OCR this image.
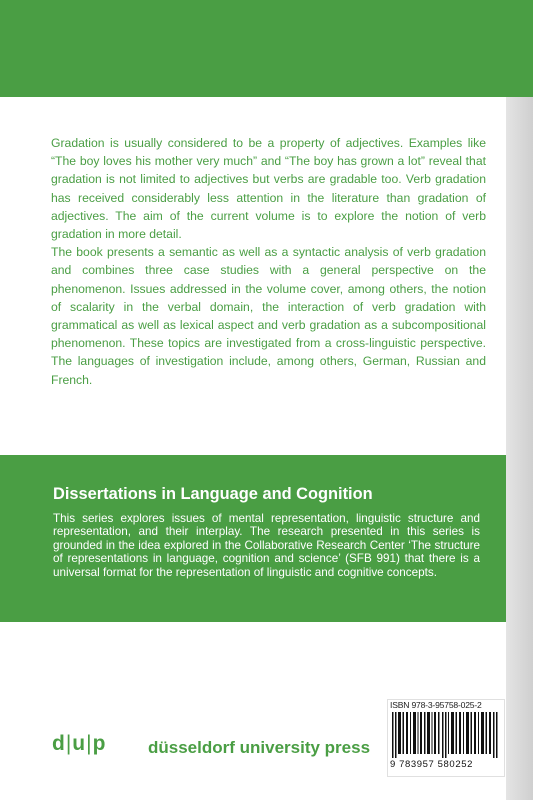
Gradation is usually considered to be a property of adjectives. Examples like “The boy loves his mother very much” and “The boy has grown a lot” reveal that gradation is not limited to adjectives but verbs are gradable too. Verb gradation has received considerably less attention in the literature than gradation of adjectives. The aim of the current volume is to explore the notion of verb gradation in more detail.

The book presents a semantic as well as a syntactic analysis of verb gradation and combines three case studies with a general perspective on the phenomenon. Issues addressed in the volume cover, among others, the notion of scalarity in the verbal domain, the interaction of verb gradation with grammatical as well as lexical aspect and verb gradation as a subcompositional phenomenon. These topics are investigated from a cross-linguistic perspective. The languages of investigation include, among others, German, Russian and French.

Dissertations in Language and Cognition

This series explores issues of mental representation, linguistic structure and representation, and their interplay. The research presented in this series is grounded in the idea explored in the Collaborative Research Center ‘The structure of representations in language, cognition and science’ (SFB 991) that there is a universal format for the representation of linguistic and cognitive concepts.

d|u|p düsseldorf university press
ISBN 978-3-95758-025-2
9 783957 580252
